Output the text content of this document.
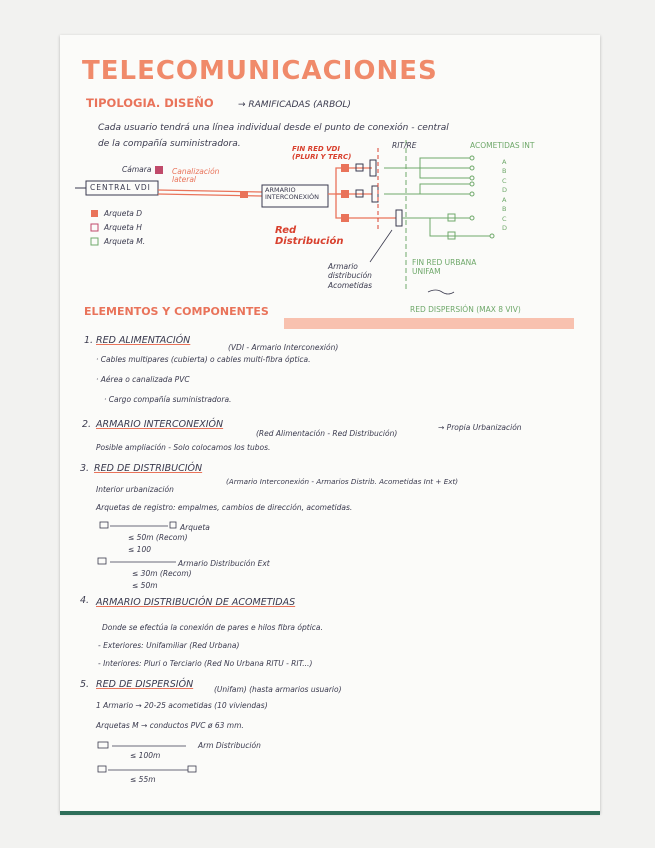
TELECOMUNICACIONES
TIPOLOGIA. DISEÑO	→ RAMIFICADAS (ARBOL)
Cada usuario tendrá una línea individual desde el punto de conexión - central
de la compañía suministradora.
CENTRAL VDI
Cámara	Canalización lateral
ARMARIO INTERCONEXIÓN
FIN RED VDI (PLURI Y TERC)
RIT/RE	ACOMETIDAS INT
A B C D A B C D
Red Distribución
Armario distribución Acometidas
FIN RED URBANA UNIFAM
RED DISPERSIÓN (MAX 8 VIV)
Arqueta D
Arqueta H
Arqueta M.
ELEMENTOS Y COMPONENTES
1. RED ALIMENTACIÓN
(VDI - Armario Interconexión)
· Cables multipares (cubierta) o cables multi-fibra óptica.
· Aérea o canalizada PVC
· Cargo compañía suministradora.
2. ARMARIO INTERCONEXIÓN
(Red Alimentación - Red Distribución)
→ Propia Urbanización
Posible ampliación - Solo colocamos los tubos.
3. RED DE DISTRIBUCIÓN
(Armario Interconexión - Armarios Distrib. Acometidas Int + Ext)
Interior urbanización
Arquetas de registro: empalmes, cambios de dirección, acometidas.
Arqueta
≤ 50m (Recom)
≤ 100
Armario Distribución Ext
≤ 30m (Recom)
≤ 50m
4. ARMARIO DISTRIBUCIÓN DE ACOMETIDAS
Donde se efectúa la conexión de pares e hilos fibra óptica.
- Exteriores: Unifamiliar (Red Urbana)
- Interiores: Pluri o Terciario (Red No Urbana RITU - RIT...)
5. RED DE DISPERSIÓN	(Unifam) (hasta armarios usuario)
1 Armario → 20-25 acometidas (10 viviendas)
Arquetas M → conductos PVC ø 63 mm.
Arm Distribución
≤ 100m
≤ 55m
